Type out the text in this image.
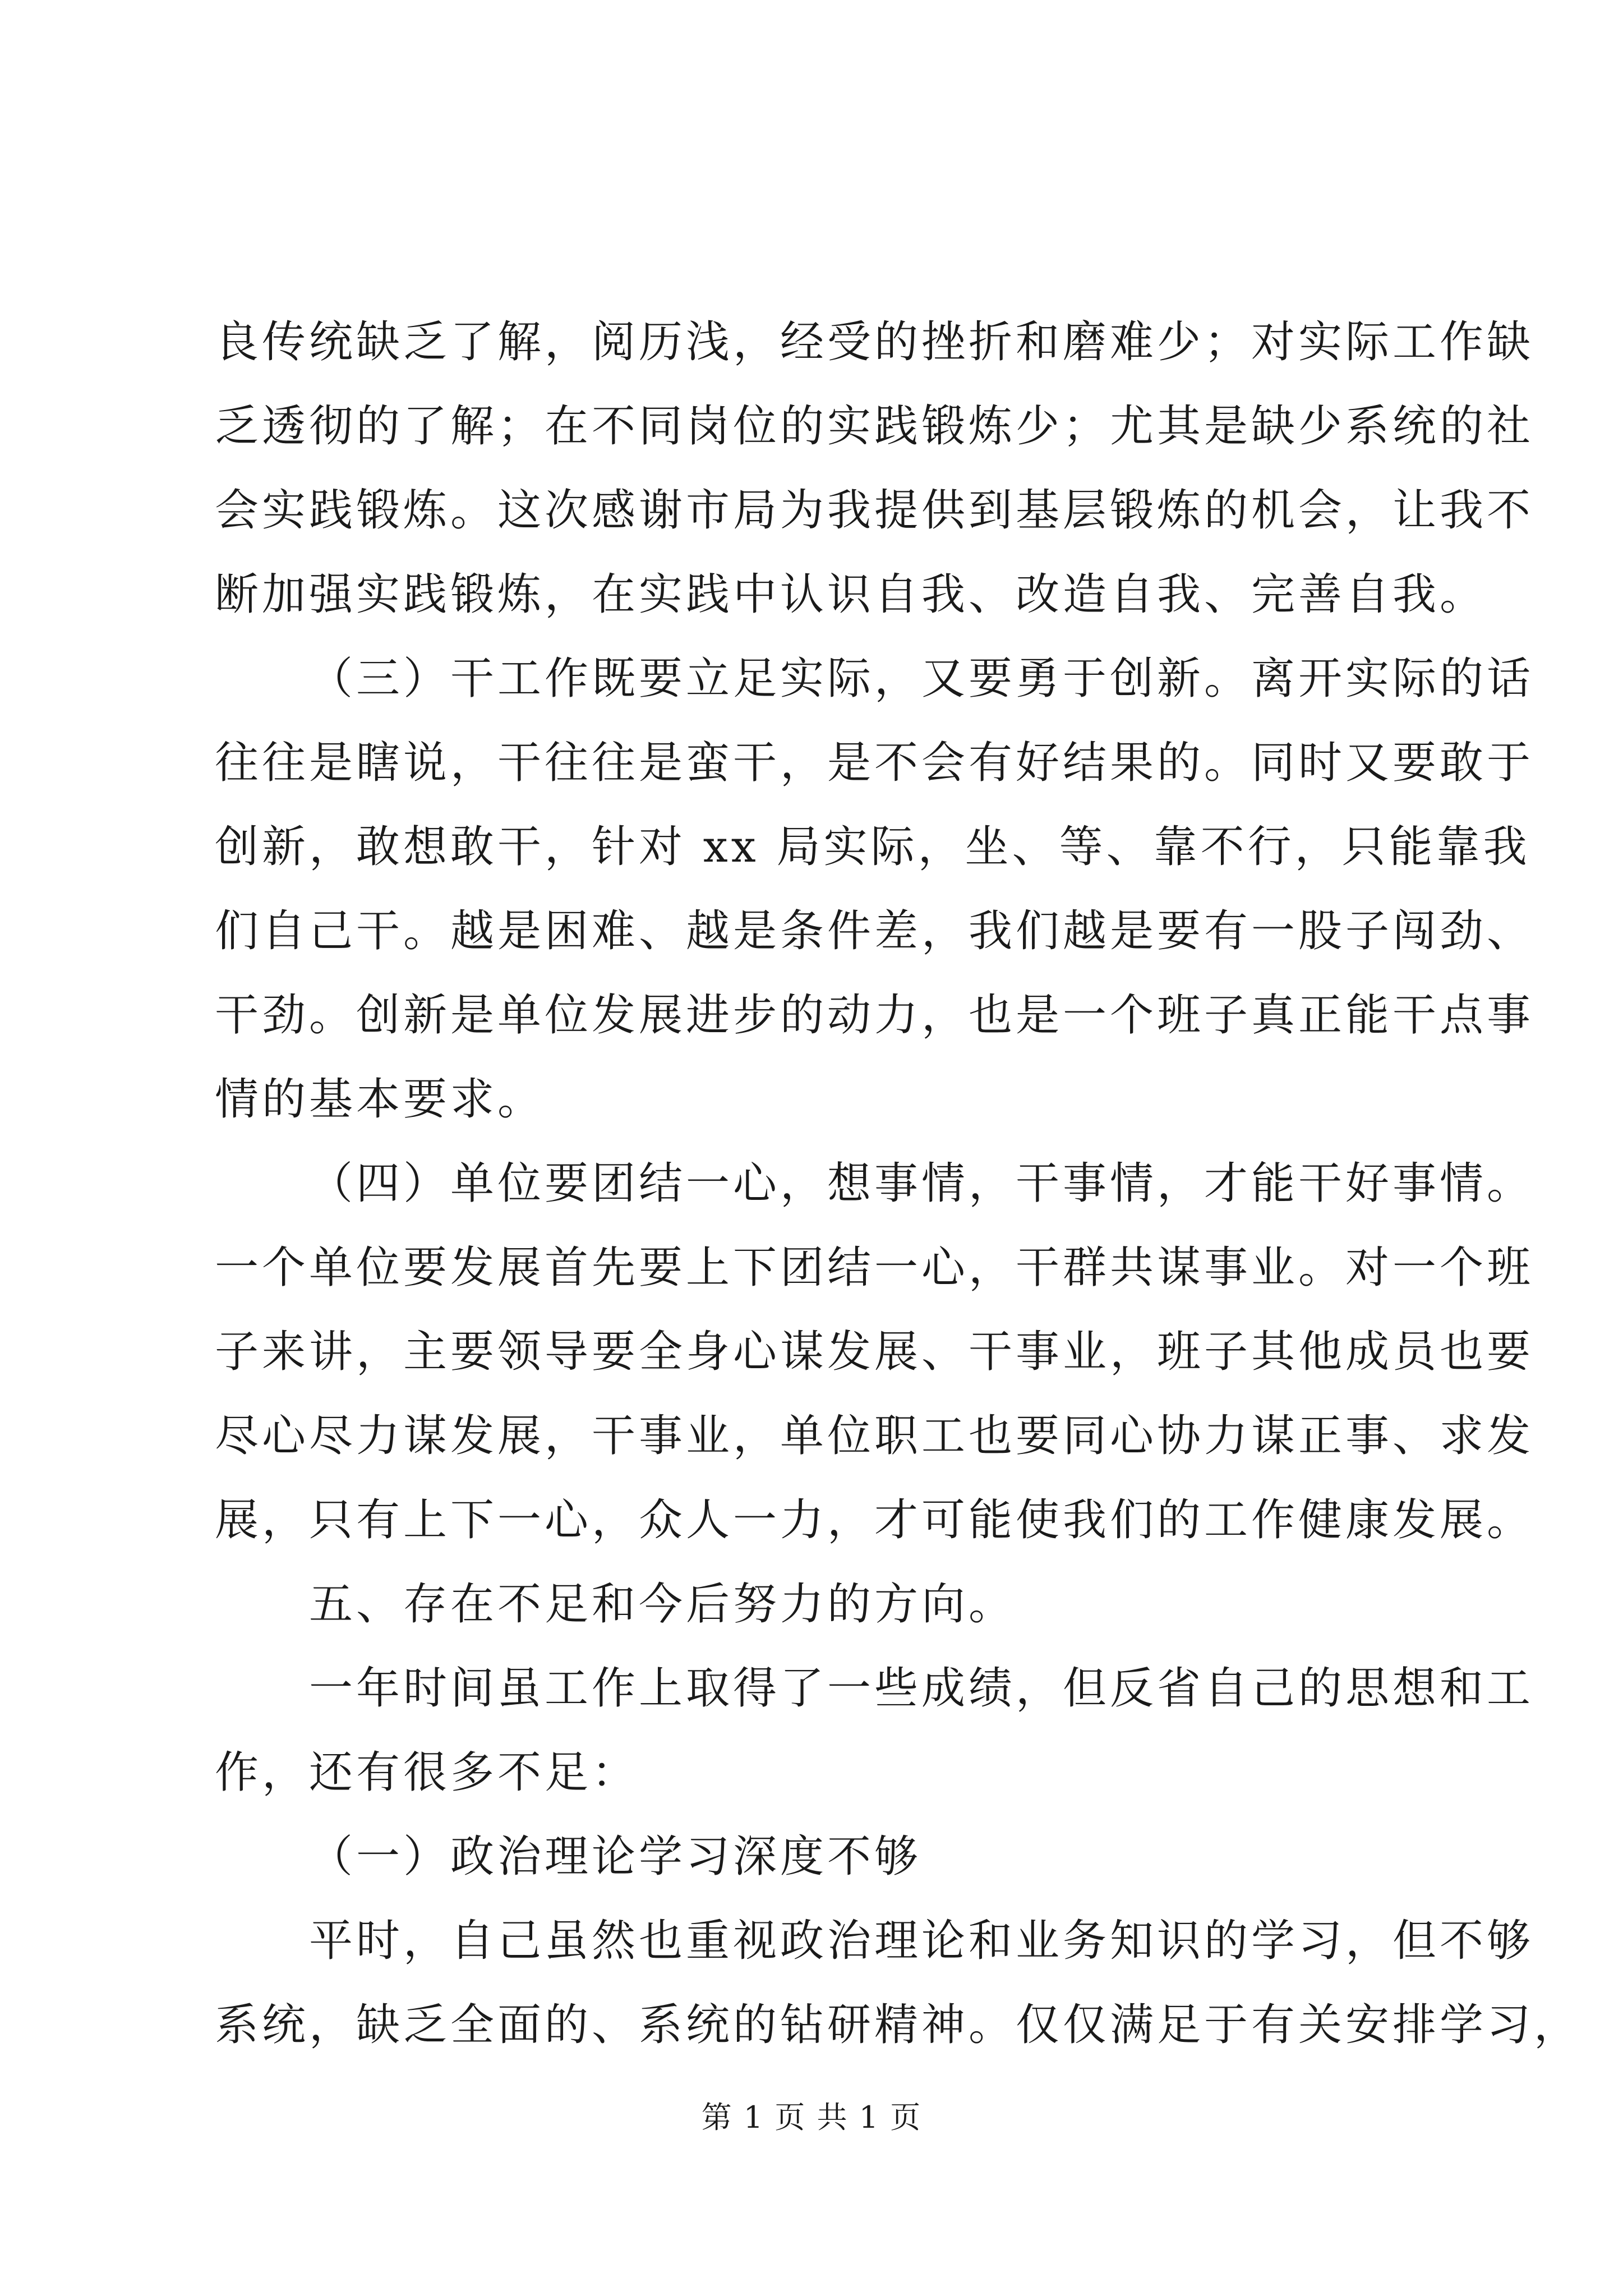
良传统缺乏了解，阅历浅，经受的挫折和磨难少；对实际工作缺
乏透彻的了解；在不同岗位的实践锻炼少；尤其是缺少系统的社
会实践锻炼。这次感谢市局为我提供到基层锻炼的机会，让我不
断加强实践锻炼，在实践中认识自我、改造自我、完善自我。
（三）干工作既要立足实际，又要勇于创新。离开实际的话
往往是瞎说，干往往是蛮干，是不会有好结果的。同时又要敢于
创新，敢想敢干，针对 xx 局实际，坐、等、靠不行，只能靠我
们自己干。越是困难、越是条件差，我们越是要有一股子闯劲、
干劲。创新是单位发展进步的动力，也是一个班子真正能干点事
情的基本要求。
（四）单位要团结一心，想事情，干事情，才能干好事情。
一个单位要发展首先要上下团结一心，干群共谋事业。对一个班
子来讲，主要领导要全身心谋发展、干事业，班子其他成员也要
尽心尽力谋发展，干事业，单位职工也要同心协力谋正事、求发
展，只有上下一心，众人一力，才可能使我们的工作健康发展。
五、存在不足和今后努力的方向。
一年时间虽工作上取得了一些成绩，但反省自己的思想和工
作，还有很多不足：
（一）政治理论学习深度不够
平时，自己虽然也重视政治理论和业务知识的学习，但不够
系统，缺乏全面的、系统的钻研精神。仅仅满足于有关安排学习，
第 1 页 共 1 页
